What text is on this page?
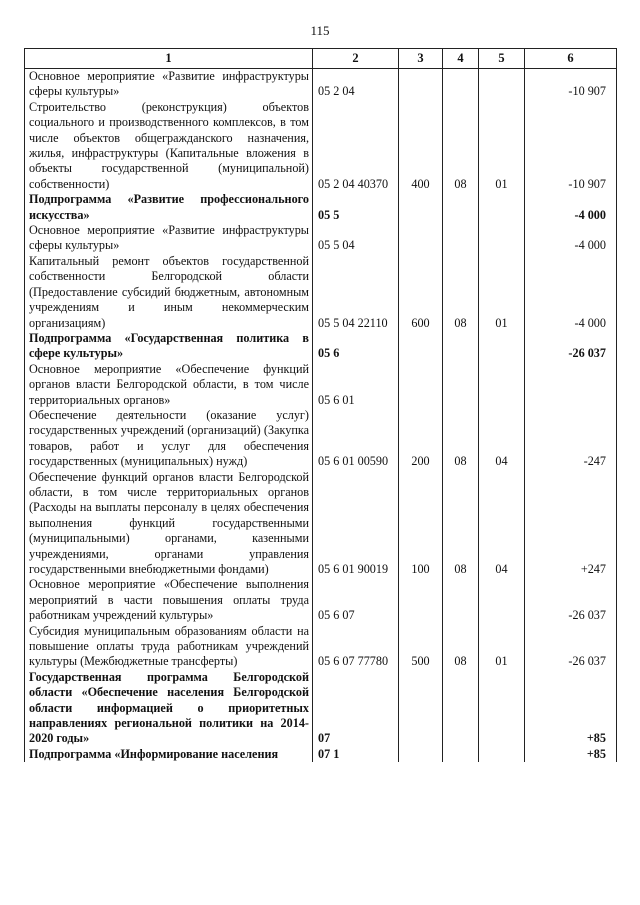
115
1	2	3	4	5	6
Основное мероприятие «Развитие инфраструктуры сферы культуры»	05 2 04				-10 907
Строительство (реконструкция) объектов социального и производственного комплексов, в том числе объектов общегражданского назначения, жилья, инфраструктуры (Капитальные вложения в объекты государственной (муниципальной) собственности)	05 2 04 40370	400	08	01	-10 907
Подпрограмма «Развитие профессионального искусства»	05 5				-4 000
Основное мероприятие «Развитие инфраструктуры сферы культуры»	05 5 04				-4 000
Капитальный ремонт объектов государственной собственности Белгородской области (Предоставление субсидий бюджетным, автономным учреждениям и иным некоммерческим организациям)	05 5 04 22110	600	08	01	-4 000
Подпрограмма «Государственная политика в сфере культуры»	05 6				-26 037
Основное мероприятие «Обеспечение функций органов власти Белгородской области, в том числе территориальных органов»	05 6 01				
Обеспечение деятельности (оказание услуг) государственных учреждений (организаций) (Закупка товаров, работ и услуг для обеспечения государственных (муниципальных) нужд)	05 6 01 00590	200	08	04	-247
Обеспечение функций органов власти Белгородской области, в том числе территориальных органов (Расходы на выплаты персоналу в целях обеспечения выполнения функций государственными (муниципальными) органами, казенными учреждениями, органами управления государственными внебюджетными фондами)	05 6 01 90019	100	08	04	+247
Основное мероприятие «Обеспечение выполнения мероприятий в части повышения оплаты труда работникам учреждений культуры»	05 6 07				-26 037
Субсидия муниципальным образованиям области на повышение оплаты труда работникам учреждений культуры (Межбюджетные трансферты)	05 6 07 77780	500	08	01	-26 037
Государственная программа Белгородской области «Обеспечение населения Белгородской области информацией о приоритетных направлениях региональной политики на 2014-2020 годы»	07				+85
Подпрограмма «Информирование населения	07 1				+85
